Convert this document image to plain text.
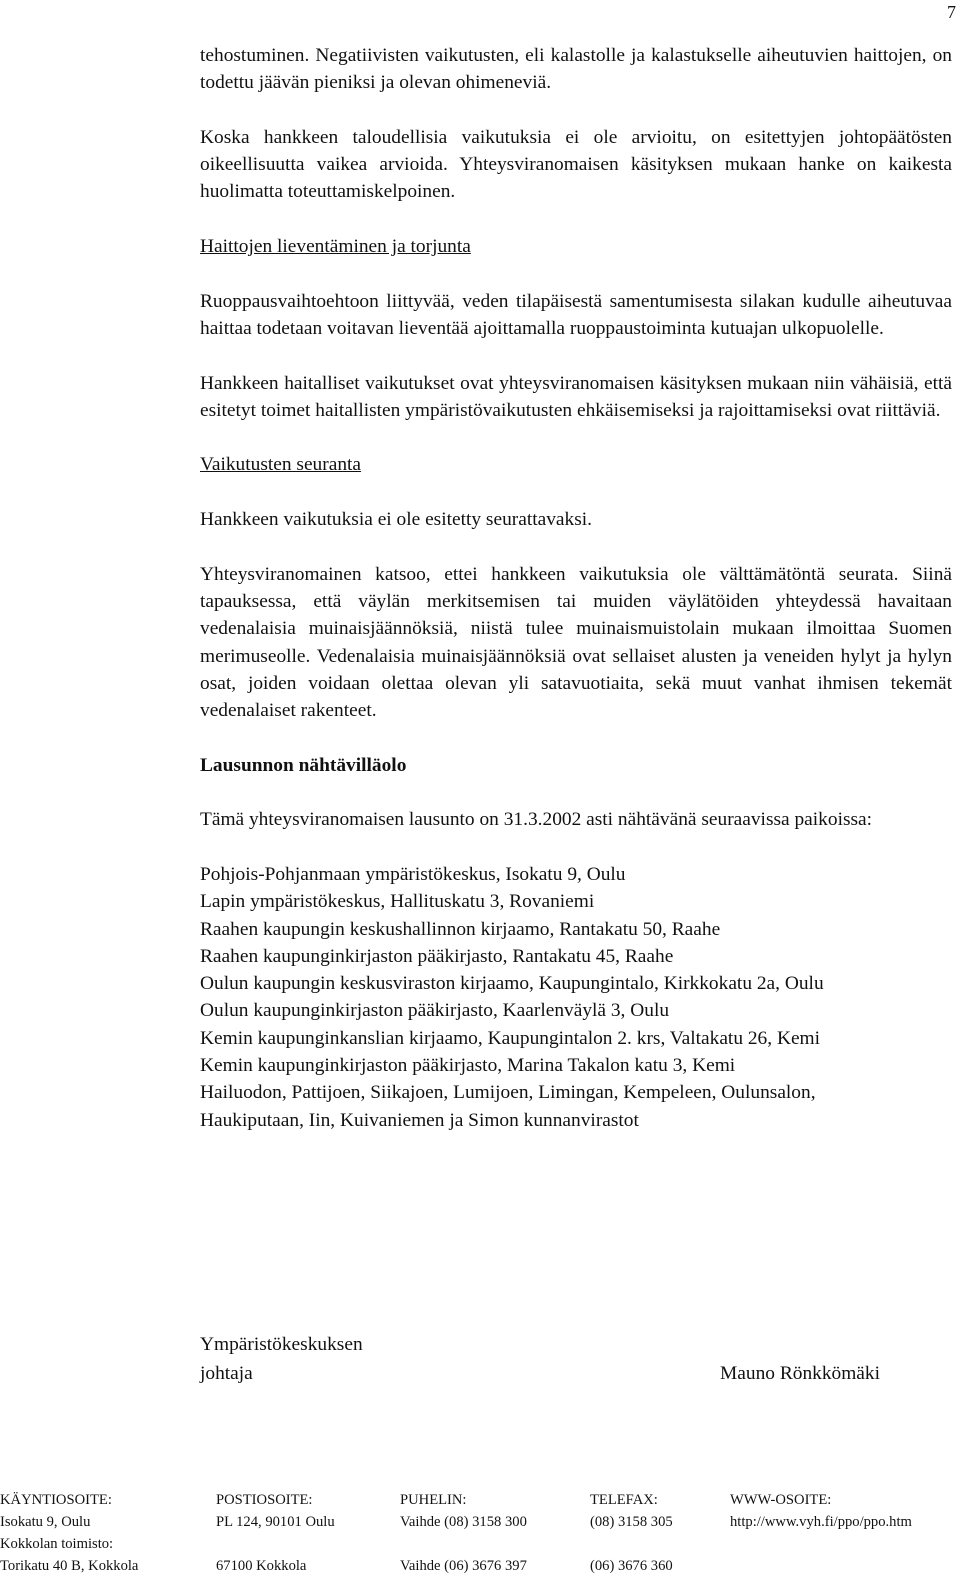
7

tehostuminen. Negatiivisten vaikutusten, eli kalastolle ja kalastukselle aiheutuvien haittojen, on todettu jäävän pieniksi ja olevan ohimeneviä.

Koska hankkeen taloudellisia vaikutuksia ei ole arvioitu, on esitettyjen johtopäätösten oikeellisuutta vaikea arvioida. Yhteysviranomaisen käsityksen mukaan hanke on kaikesta huolimatta toteuttamiskelpoinen.

Haittojen lieventäminen ja torjunta

Ruoppausvaihtoehtoon liittyvää, veden tilapäisestä samentumisesta silakan kudulle aiheutuvaa haittaa todetaan voitavan lieventää ajoittamalla ruoppaustoiminta kutuajan ulkopuolelle.

Hankkeen haitalliset vaikutukset ovat yhteysviranomaisen käsityksen mukaan niin vähäisiä, että esitetyt toimet haitallisten ympäristövaikutusten ehkäisemiseksi ja rajoittamiseksi ovat riittäviä.

Vaikutusten seuranta

Hankkeen vaikutuksia ei ole esitetty seurattavaksi.

Yhteysviranomainen katsoo, ettei hankkeen vaikutuksia ole välttämätöntä seurata. Siinä tapauksessa, että väylän merkitsemisen tai muiden väylätöiden yhteydessä havaitaan vedenalaisia muinaisjäännöksiä, niistä tulee muinaismuistolain mukaan ilmoittaa Suomen merimuseolle. Vedenalaisia muinaisjäännöksiä ovat sellaiset alusten ja veneiden hylyt ja hylyn osat, joiden voidaan olettaa olevan yli satavuotiaita, sekä muut vanhat ihmisen tekemät vedenalaiset rakenteet.

Lausunnon nähtävilläolo

Tämä yhteysviranomaisen lausunto on 31.3.2002 asti nähtävänä seuraavissa paikoissa:

Pohjois-Pohjanmaan ympäristökeskus, Isokatu 9, Oulu
Lapin ympäristökeskus, Hallituskatu 3, Rovaniemi
Raahen kaupungin keskushallinnon kirjaamo, Rantakatu 50, Raahe
Raahen kaupunginkirjaston pääkirjasto, Rantakatu 45, Raahe
Oulun kaupungin keskusviraston kirjaamo, Kaupungintalo, Kirkkokatu 2a, Oulu
Oulun kaupunginkirjaston pääkirjasto, Kaarlenväylä 3, Oulu
Kemin kaupunginkanslian kirjaamo, Kaupungintalon 2. krs, Valtakatu 26, Kemi
Kemin kaupunginkirjaston pääkirjasto, Marina Takalon katu 3, Kemi
Hailuodon, Pattijoen, Siikajoen, Lumijoen, Limingan, Kempeleen, Oulunsalon,
Haukiputaan, Iin, Kuivaniemen ja Simon kunnanvirastot
Ympäristökeskuksen
johtaja	Mauno Rönkkömäki
KÄYNTIOSOITE:	POSTIOSOITE:	PUHELIN:	TELEFAX:	WWW-OSOITE:
Isokatu 9, Oulu	PL 124, 90101 Oulu	Vaihde (08) 3158 300	(08) 3158 305	http://www.vyh.fi/ppo/ppo.htm
Kokkolan toimisto:
Torikatu 40 B, Kokkola	67100 Kokkola	Vaihde (06) 3676 397	(06) 3676 360
